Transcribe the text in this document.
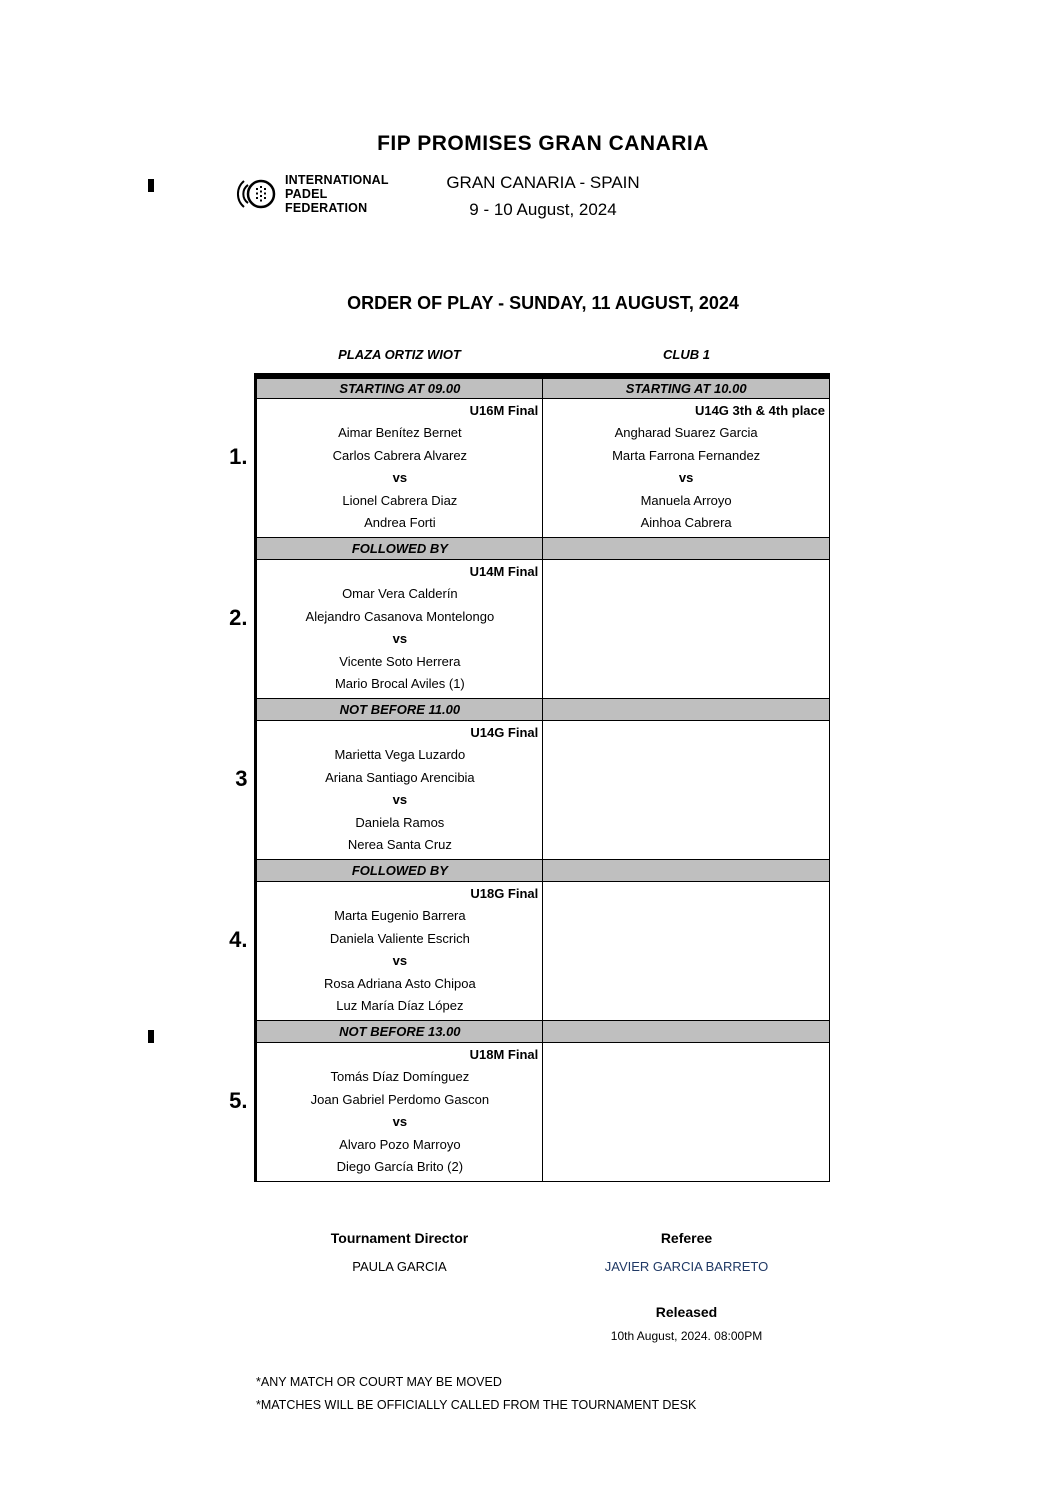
FIP PROMISES GRAN CANARIA
INTERNATIONAL
PADEL
FEDERATION
GRAN CANARIA - SPAIN
9 - 10 August, 2024
ORDER OF PLAY - SUNDAY, 11 AUGUST, 2024
PLAZA ORTIZ WIOT	CLUB 1
1.	STARTING AT 09.00	STARTING AT 10.00

U16M Final
Aimar Benítez Bernet
Carlos Cabrera Alvarez
vs
Lionel Cabrera Diaz
Andrea Forti

U14G 3th & 4th place
Angharad Suarez Garcia
Marta Farrona Fernandez
vs
Manuela Arroyo
Ainhoa Cabrera

2.	FOLLOWED BY	

U14M Final
Omar Vera Calderín
Alejandro Casanova Montelongo
vs
Vicente Soto Herrera
Mario Brocal Aviles (1)

3	NOT BEFORE 11.00	

U14G Final
Marietta Vega Luzardo
Ariana Santiago Arencibia
vs
Daniela Ramos
Nerea Santa Cruz

4.	FOLLOWED BY	

U18G Final
Marta Eugenio Barrera
Daniela Valiente Escrich
vs
Rosa Adriana Asto Chipoa
Luz María Díaz López

5.	NOT BEFORE 13.00	

U18M Final
Tomás Díaz Domínguez
Joan Gabriel Perdomo Gascon
vs
Alvaro Pozo Marroyo
Diego García Brito (2)

Tournament Director
PAULA GARCIA
Referee
JAVIER GARCIA BARRETO
Released
10th August, 2024. 08:00PM
*ANY MATCH OR COURT MAY BE MOVED
*MATCHES WILL BE OFFICIALLY CALLED FROM THE TOURNAMENT DESK
